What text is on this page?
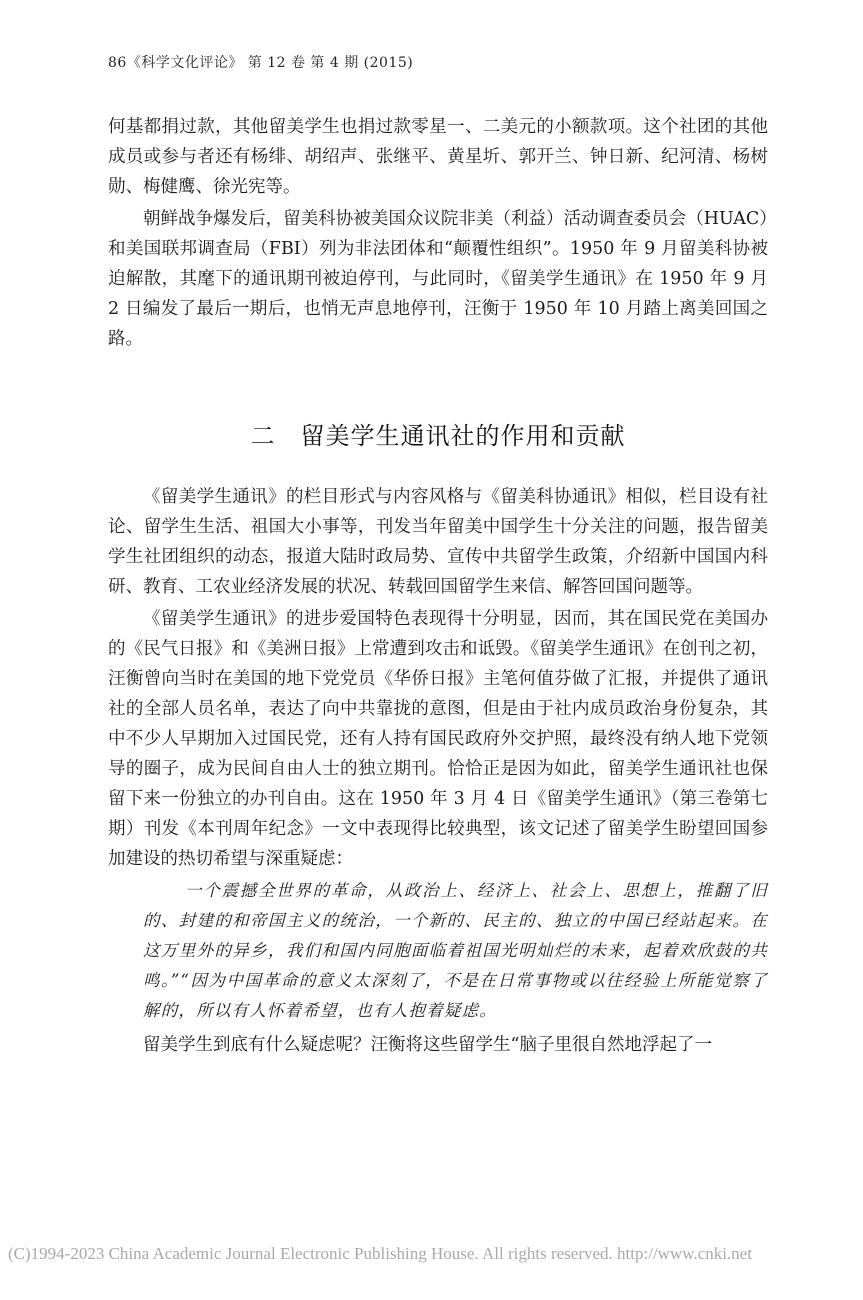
86《科学文化评论》 第 12 卷 第 4 期 (2015)

何基都捐过款，其他留美学生也捐过款零星一、二美元的小额款项。这个社团的其他成员或参与者还有杨绯、胡绍声、张继平、黄星圻、郭开兰、钟日新、纪河清、杨树勋、梅健鹰、徐光宪等。

朝鲜战争爆发后，留美科协被美国众议院非美（利益）活动调查委员会（HUAC）和美国联邦调查局（FBI）列为非法团体和“颠覆性组织”。1950 年 9 月留美科协被迫解散，其麾下的通讯期刊被迫停刊，与此同时，《留美学生通讯》在 1950 年 9 月 2 日编发了最后一期后，也悄无声息地停刊，汪衡于 1950 年 10 月踏上离美回国之路。

二　留美学生通讯社的作用和贡献

《留美学生通讯》的栏目形式与内容风格与《留美科协通讯》相似，栏目设有社论、留学生生活、祖国大小事等，刊发当年留美中国学生十分关注的问题，报告留美学生社团组织的动态，报道大陆时政局势、宣传中共留学生政策，介绍新中国国内科研、教育、工农业经济发展的状况、转载回国留学生来信、解答回国问题等。

《留美学生通讯》的进步爱国特色表现得十分明显，因而，其在国民党在美国办的《民气日报》和《美洲日报》上常遭到攻击和诋毁。《留美学生通讯》在创刊之初，汪衡曾向当时在美国的地下党党员《华侨日报》主笔何值芬做了汇报，并提供了通讯社的全部人员名单，表达了向中共靠拢的意图，但是由于社内成员政治身份复杂，其中不少人早期加入过国民党，还有人持有国民政府外交护照，最终没有纳人地下党领导的圈子，成为民间自由人士的独立期刊。恰恰正是因为如此，留美学生通讯社也保留下来一份独立的办刊自由。这在 1950 年 3 月 4 日《留美学生通讯》（第三卷第七期）刊发《本刊周年纪念》一文中表现得比较典型，该文记述了留美学生盼望回国参加建设的热切希望与深重疑虑：

一个震撼全世界的革命，从政治上、经济上、社会上、思想上，推翻了旧的、封建的和帝国主义的统治，一个新的、民主的、独立的中国已经站起来。在这万里外的异乡，我们和国内同胞面临着祖国光明灿烂的未来，起着欢欣鼓的共鸣。”“因为中国革命的意义太深刻了，不是在日常事物或以往经验上所能觉察了解的，所以有人怀着希望，也有人抱着疑虑。

留美学生到底有什么疑虑呢？汪衡将这些留学生“脑子里很自然地浮起了一

(C)1994-2023 China Academic Journal Electronic Publishing House. All rights reserved. http://www.cnki.net
